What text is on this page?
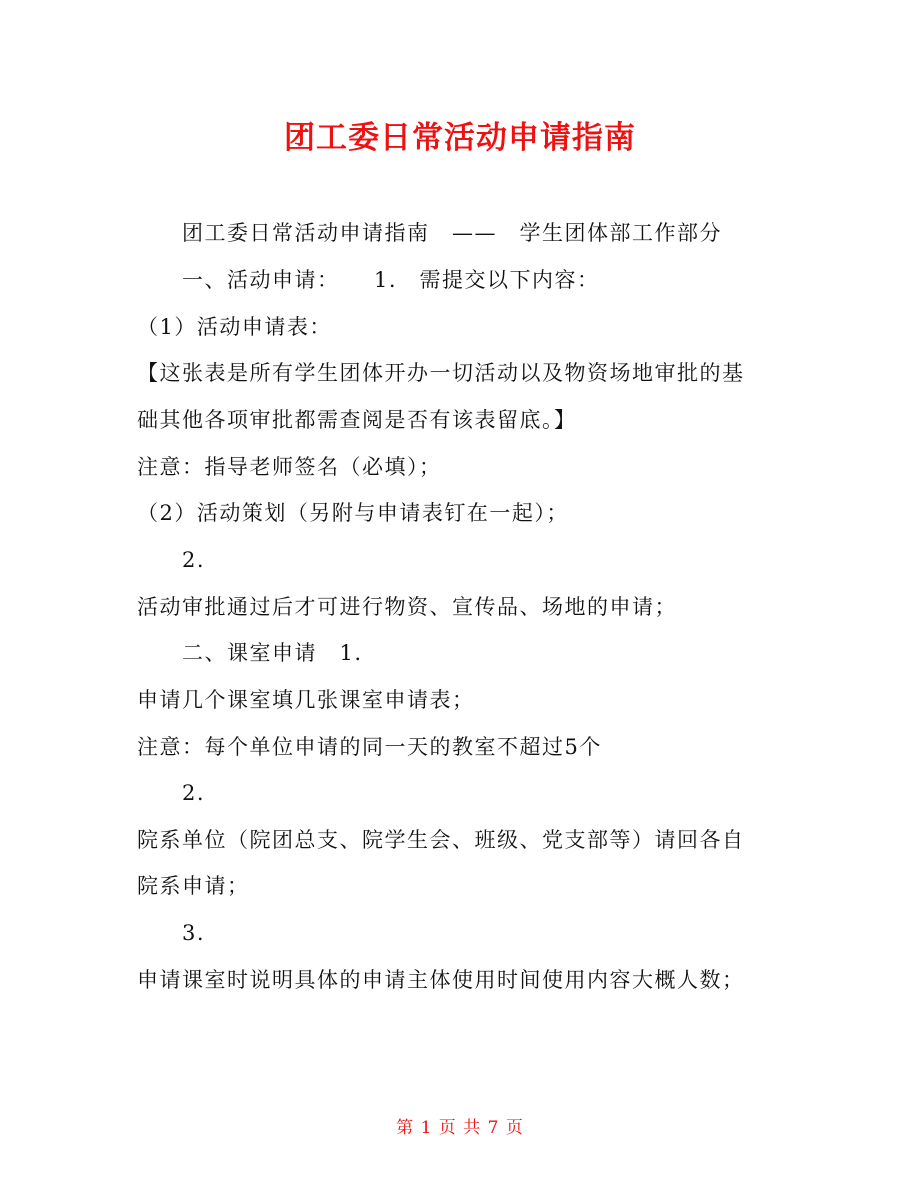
团工委日常活动申请指南
团工委日常活动申请指南　——　学生团体部工作部分
一、活动申请：　　1.　需提交以下内容：
（1）活动申请表：
【这张表是所有学生团体开办一切活动以及物资场地审批的基
础其他各项审批都需查阅是否有该表留底。】
注意：指导老师签名（必填）；
（2）活动策划（另附与申请表钉在一起）；
2.
活动审批通过后才可进行物资、宣传品、场地的申请；
二、课室申请　1.
申请几个课室填几张课室申请表；
注意：每个单位申请的同一天的教室不超过5个
2.
院系单位（院团总支、院学生会、班级、党支部等）请回各自
院系申请；
3.
申请课室时说明具体的申请主体使用时间使用内容大概人数；
第 1 页 共 7 页
